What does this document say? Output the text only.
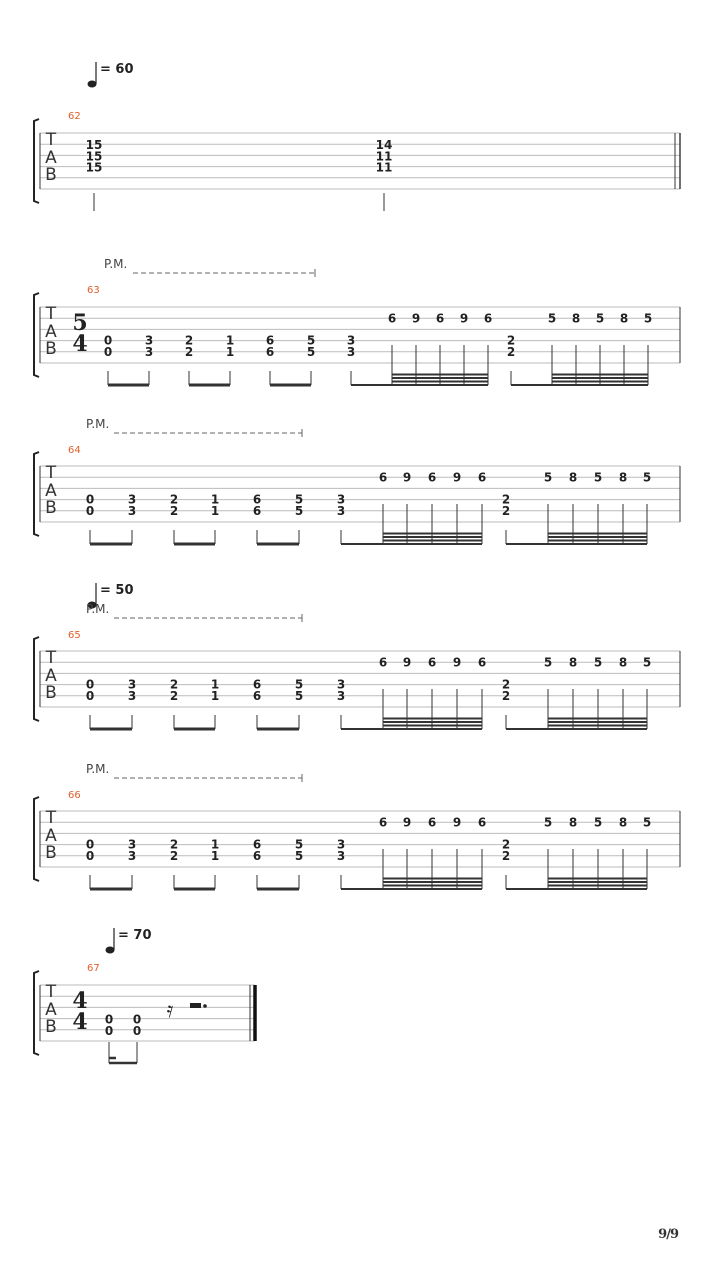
= 60
= 50
= 70
P.M.
P.M.
P.M.
P.M.
62
63
64
65
66
67
T
A
B
15
15
15
14
11
11
T
A
B
5
4 0
0
3
3
2
2
1
1
6
6
5
5
3
3
6 9 6 9 6
2
2
5 8 5 8 5
T
A
B 0
0
3
3
2
2
1
1
6
6
5
5
3
3
6 9 6 9 6
2
2
5 8 5 8 5
T
A
B 0
0
3
3
2
2
1
1
6
6
5
5
3
3
6 9 6 9 6
2
2
5 8 5 8 5
T
A
B 0
0
3
3
2
2
1
1
6
6
5
5
3
3
6 9 6 9 6
2
2
5 8 5 8 5
T
A
B
4
4 0
0
0
0
𝄿
9/9
